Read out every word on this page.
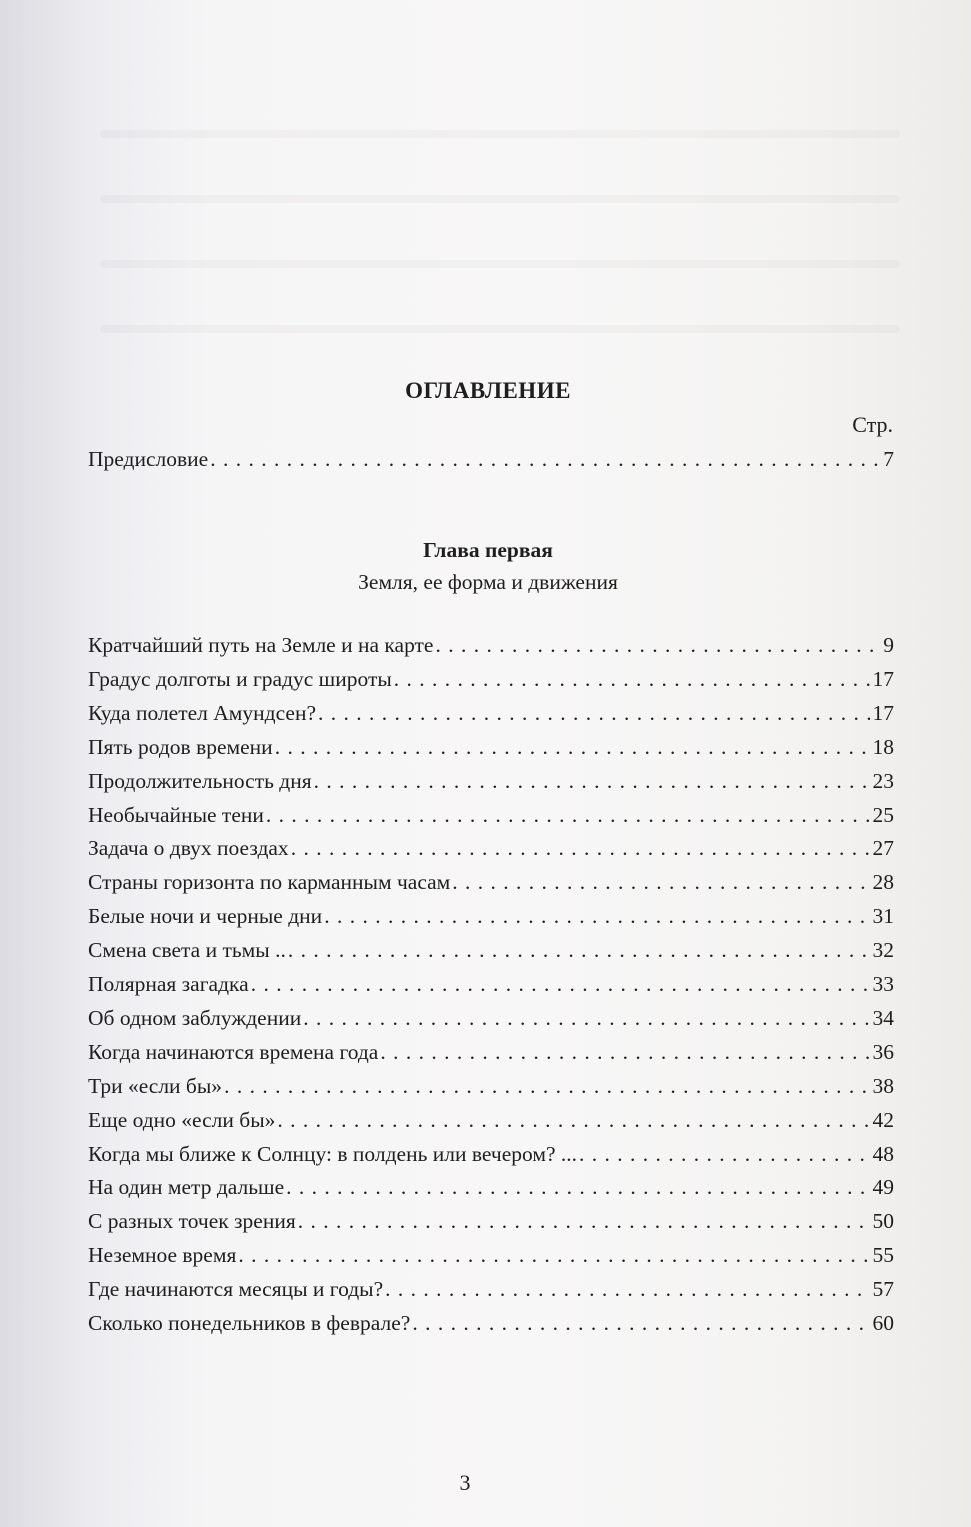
ОГЛАВЛЕНИЕ
Стр.
Предисловие . . .	7
Глава первая
Земля, ее форма и движения
Кратчайший путь на Земле и на карте . . .	9
Градус долготы и градус широты . . .	17
Куда полетел Амундсен? . . .	17
Пять родов времени . . .	18
Продолжительность дня . . .	23
Необычайные тени . . .	25
Задача о двух поездах . . .	27
Страны горизонта по карманным часам . . .	28
Белые ночи и черные дни . . .	31
Смена света и тьмы .. . . .	32
Полярная загадка . . .	33
Об одном заблуждении . . .	34
Когда начинаются времена года . . .	36
Три «если бы» . . .	38
Еще одно «если бы» . . .	42
Когда мы ближе к Солнцу: в полдень или вечером? ... . . .	48
На один метр дальше . . .	49
С разных точек зрения . . .	50
Неземное время . . .	55
Где начинаются месяцы и годы? . . .	57
Сколько понедельников в феврале? . . .	60
3
